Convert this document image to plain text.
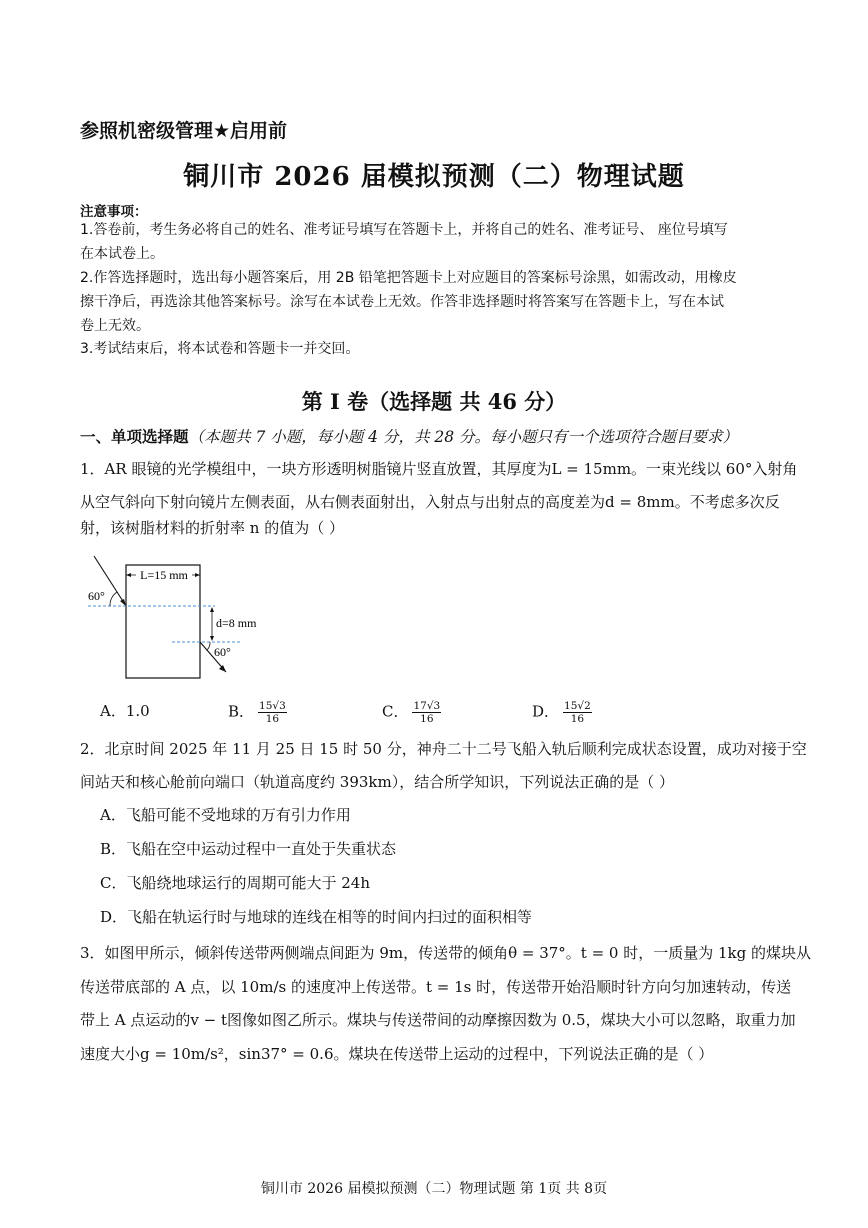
参照机密级管理★启用前
铜川市 2026 届模拟预测（二）物理试题
注意事项：
1.答卷前，考生务必将自己的姓名、准考证号填写在答题卡上，并将自己的姓名、准考证号、 座位号填写
在本试卷上。
2.作答选择题时，选出每小题答案后，用 2B 铅笔把答题卡上对应题目的答案标号涂黑，如需改动，用橡皮
擦干净后，再选涂其他答案标号。涂写在本试卷上无效。作答非选择题时将答案写在答题卡上，写在本试
卷上无效。
3.考试结束后，将本试卷和答题卡一并交回。
第 I 卷（选择题 共 46 分）
一、单项选择题（本题共 7 小题，每小题 4 分，共 28 分。每小题只有一个选项符合题目要求）
1．AR 眼镜的光学模组中，一块方形透明树脂镜片竖直放置，其厚度为L = 15mm。一束光线以 60°入射角
从空气斜向下射向镜片左侧表面，从右侧表面射出，入射点与出射点的高度差为d = 8mm。不考虑多次反
射，该树脂材料的折射率 n 的值为（ ）
L=15 mm
60°
d=8 mm
60°
A．1.0	B． $\frac{15√3}{16}$	C． $\frac{17√3}{16}$	D． $\frac{15√2}{16}$
2．北京时间 2025 年 11 月 25 日 15 时 50 分，神舟二十二号飞船入轨后顺利完成状态设置，成功对接于空
间站天和核心舱前向端口（轨道高度约 393km），结合所学知识，下列说法正确的是（ ）
A．飞船可能不受地球的万有引力作用
B．飞船在空中运动过程中一直处于失重状态
C．飞船绕地球运行的周期可能大于 24h
D．飞船在轨运行时与地球的连线在相等的时间内扫过的面积相等
3．如图甲所示，倾斜传送带两侧端点间距为 9m，传送带的倾角θ = 37°。t = 0 时，一质量为 1kg 的煤块从
传送带底部的 A 点，以 10m/s 的速度冲上传送带。t = 1s 时，传送带开始沿顺时针方向匀加速转动，传送
带上 A 点运动的v − t图像如图乙所示。煤块与传送带间的动摩擦因数为 0.5，煤块大小可以忽略，取重力加
速度大小g = 10m/s²，sin37° = 0.6。煤块在传送带上运动的过程中，下列说法正确的是（ ）
铜川市 2026 届模拟预测（二）物理试题 第 1页 共 8页
